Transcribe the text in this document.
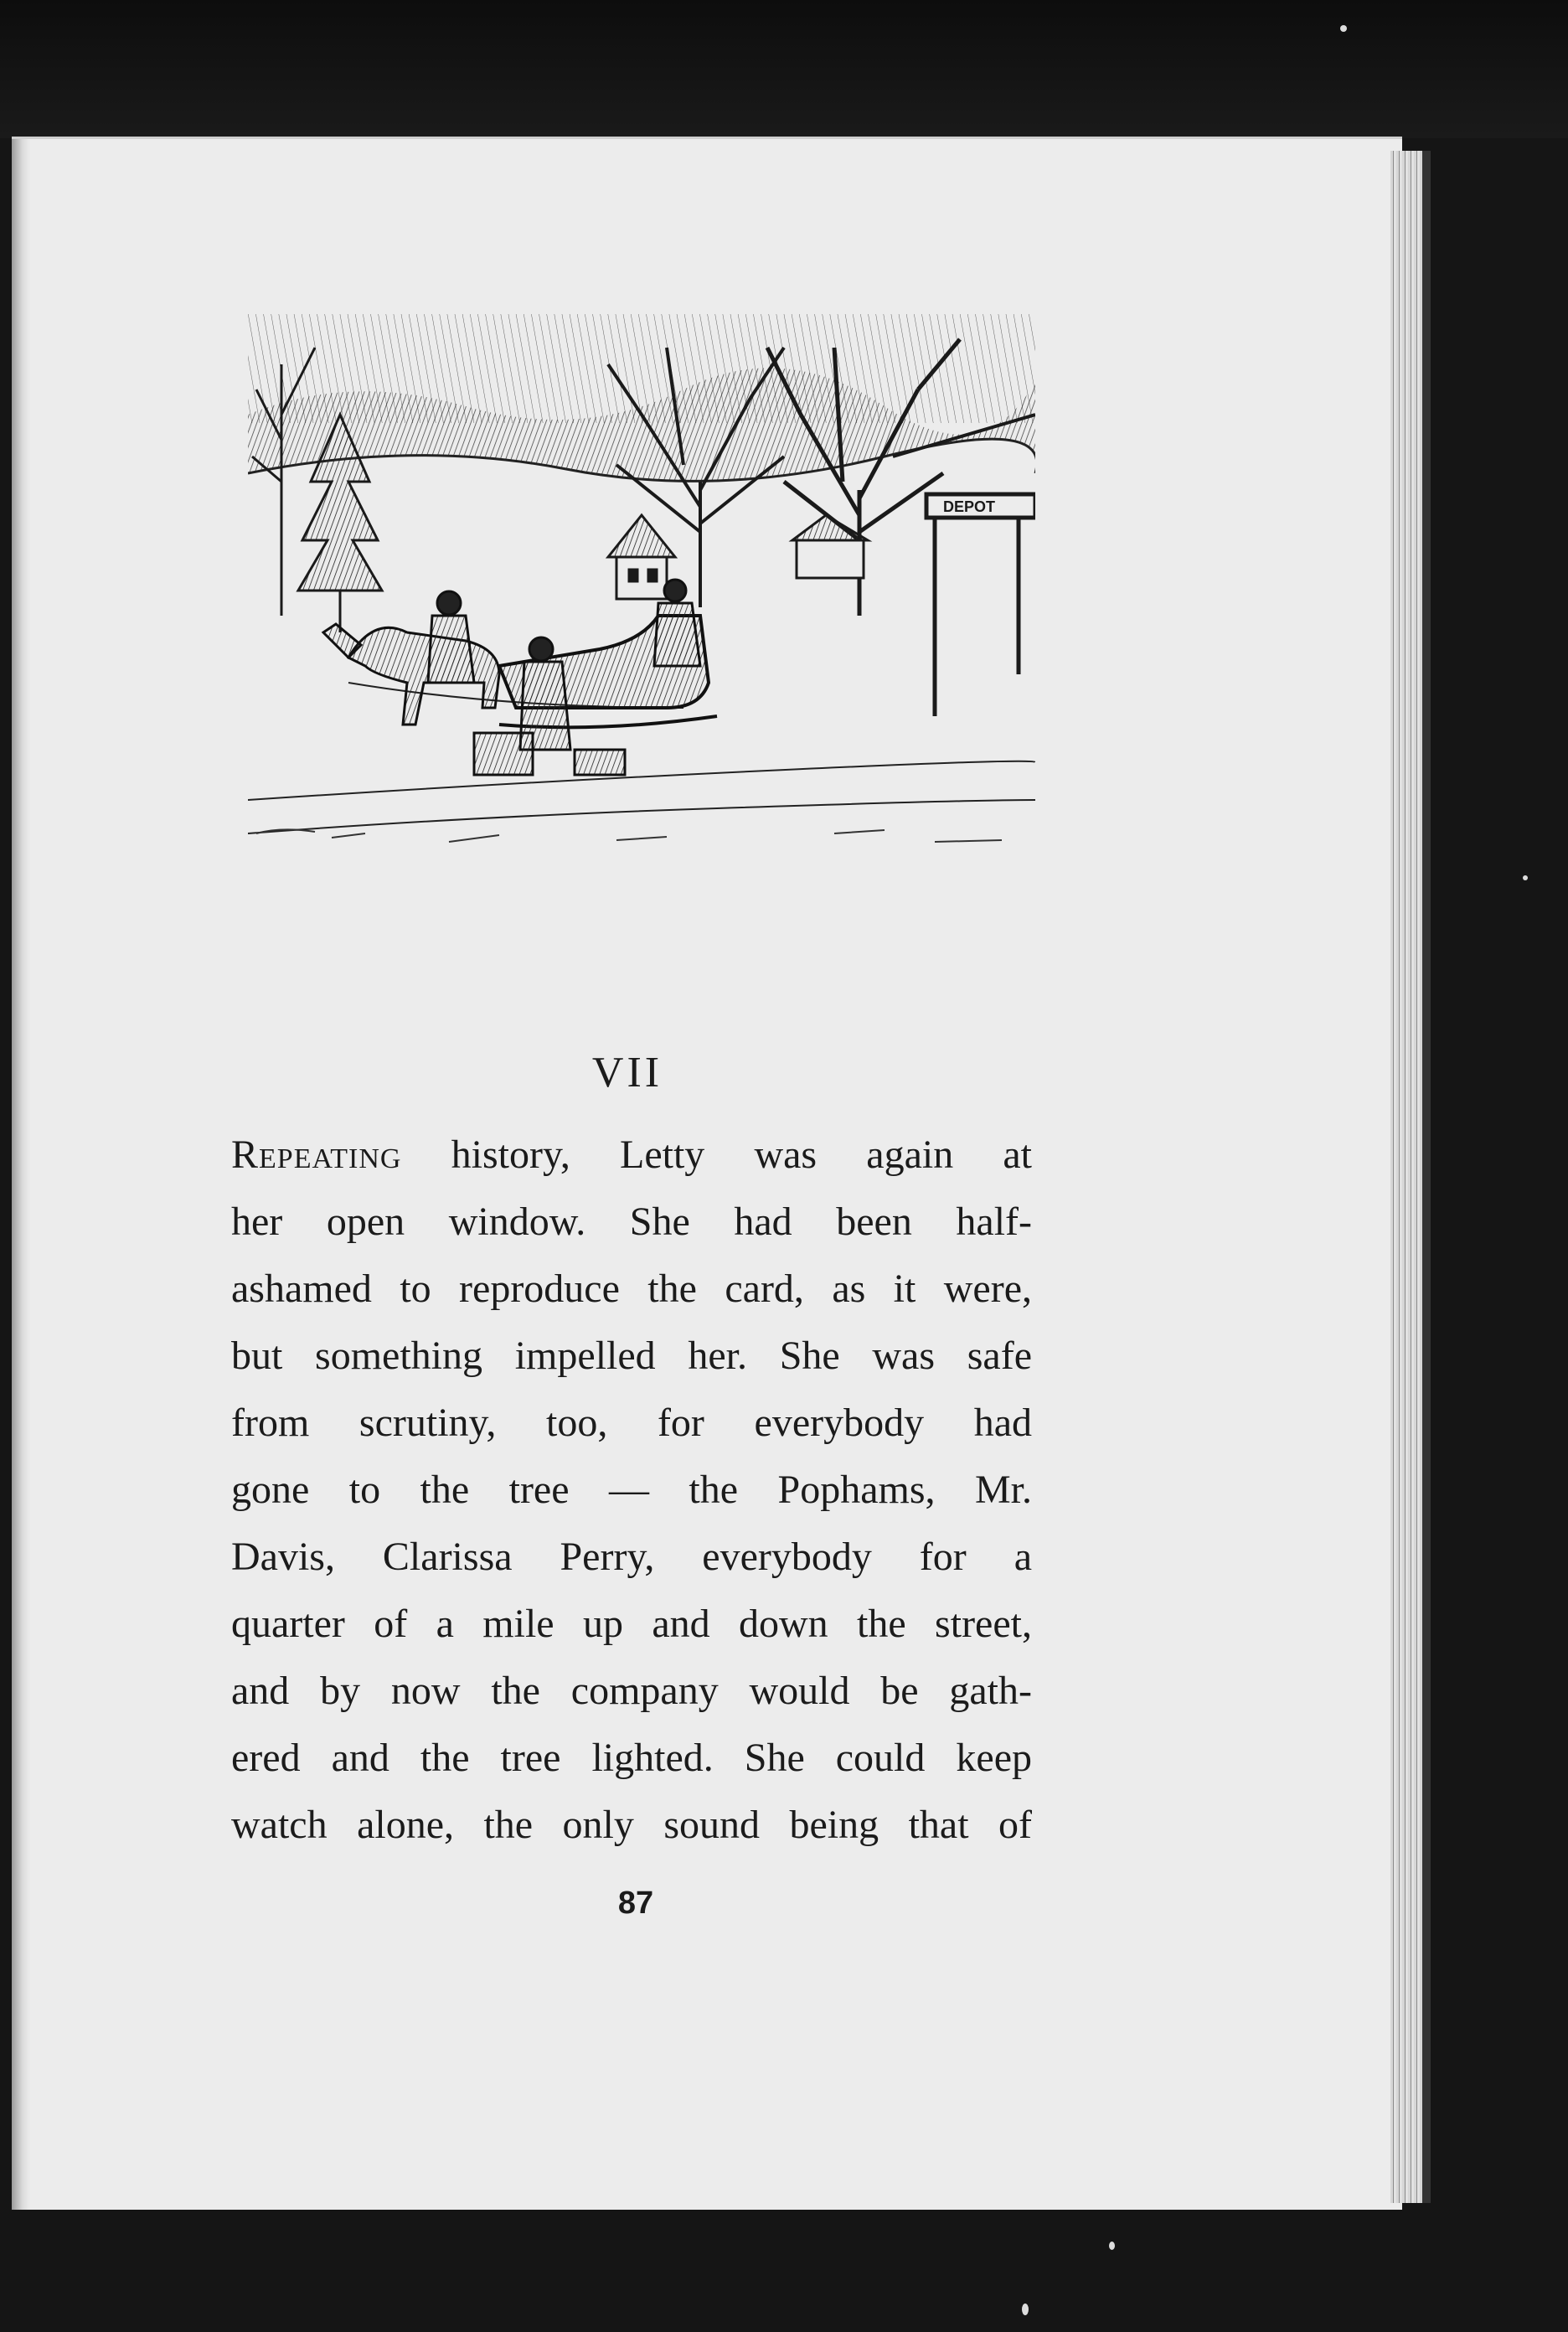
DEPOT
VII
Repeating history, Letty was again at
her open window. She had been half-
ashamed to reproduce the card, as it were,
but something impelled her. She was safe
from scrutiny, too, for everybody had
gone to the tree — the Pophams, Mr.
Davis, Clarissa Perry, everybody for a
quarter of a mile up and down the street,
and by now the company would be gath-
ered and the tree lighted. She could keep
watch alone, the only sound being that of
87
